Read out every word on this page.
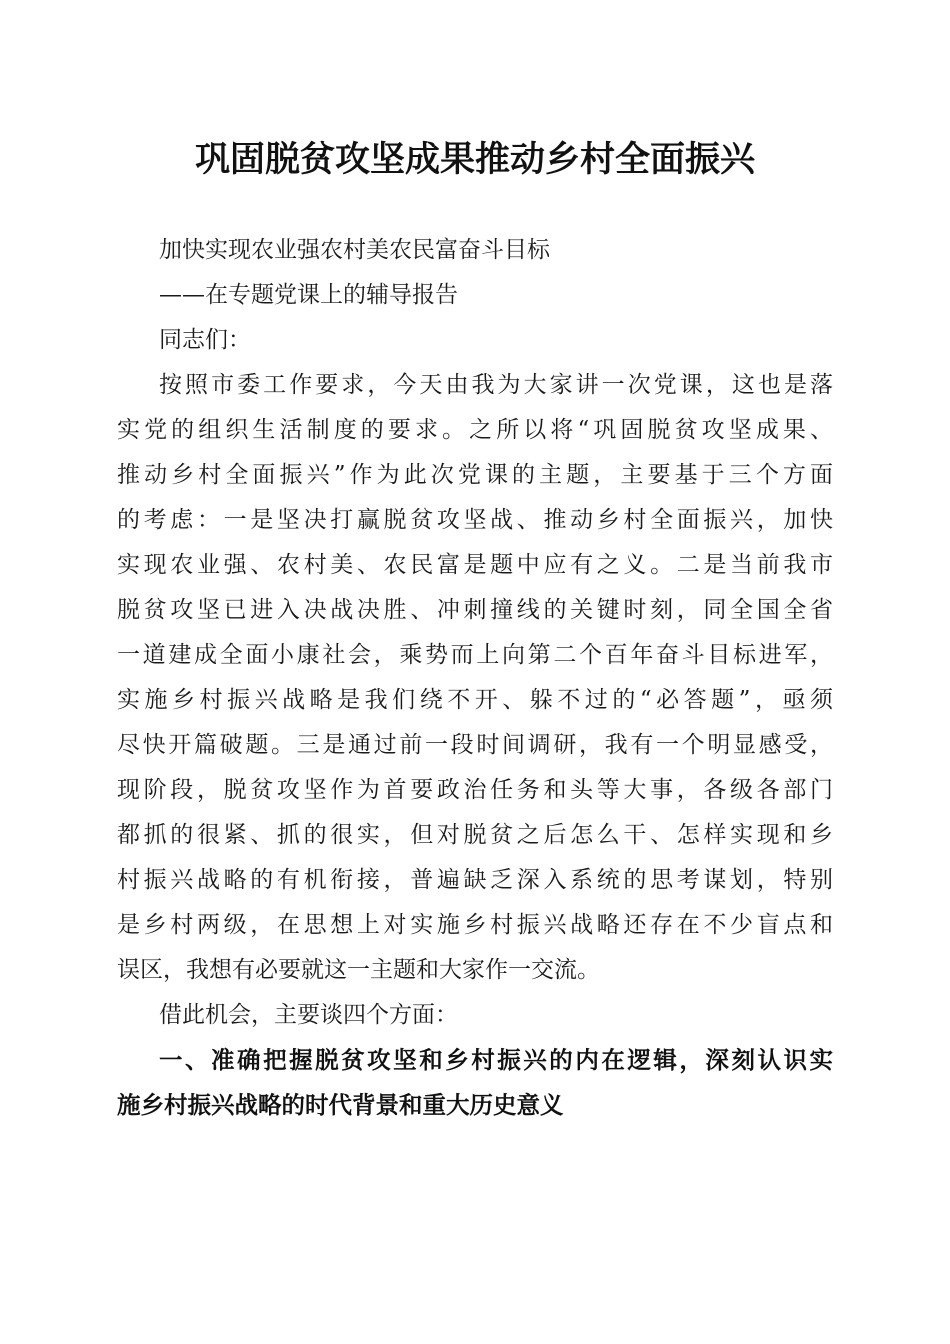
巩固脱贫攻坚成果推动乡村全面振兴
加快实现农业强农村美农民富奋斗目标
——在专题党课上的辅导报告
同志们：
按照市委工作要求，今天由我为大家讲一次党课，这也是落
实党的组织生活制度的要求。之所以将“巩固脱贫攻坚成果、
推动乡村全面振兴”作为此次党课的主题，主要基于三个方面
的考虑：一是坚决打赢脱贫攻坚战、推动乡村全面振兴，加快
实现农业强、农村美、农民富是题中应有之义。二是当前我市
脱贫攻坚已进入决战决胜、冲刺撞线的关键时刻，同全国全省
一道建成全面小康社会，乘势而上向第二个百年奋斗目标进军，
实施乡村振兴战略是我们绕不开、躲不过的“必答题”，亟须
尽快开篇破题。三是通过前一段时间调研，我有一个明显感受，
现阶段，脱贫攻坚作为首要政治任务和头等大事，各级各部门
都抓的很紧、抓的很实，但对脱贫之后怎么干、怎样实现和乡
村振兴战略的有机衔接，普遍缺乏深入系统的思考谋划，特别
是乡村两级，在思想上对实施乡村振兴战略还存在不少盲点和
误区，我想有必要就这一主题和大家作一交流。
借此机会，主要谈四个方面：
一、准确把握脱贫攻坚和乡村振兴的内在逻辑，深刻认识实
施乡村振兴战略的时代背景和重大历史意义
